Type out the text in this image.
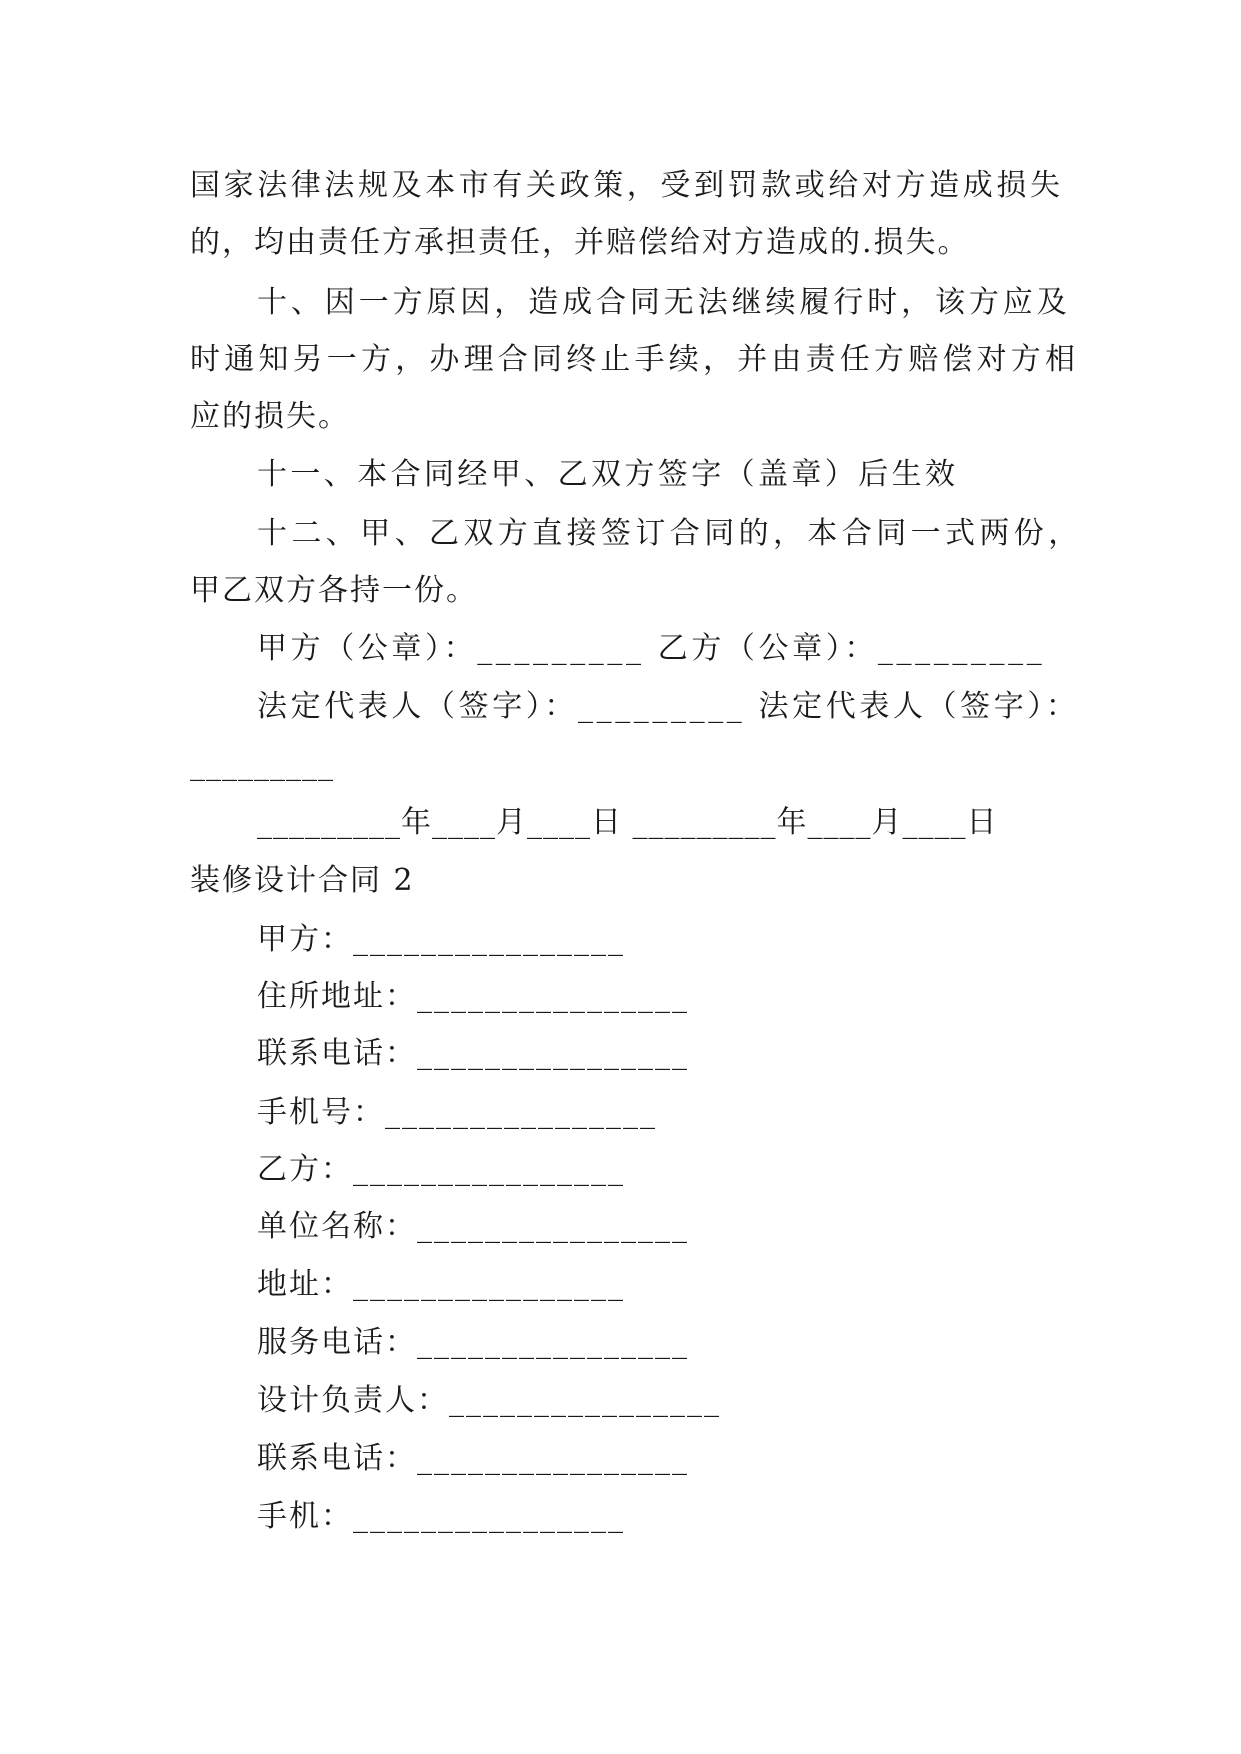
国家法律法规及本市有关政策，受到罚款或给对方造成损失

的，均由责任方承担责任，并赔偿给对方造成的.损失。

十、因一方原因，造成合同无法继续履行时，该方应及

时通知另一方，办理合同终止手续，并由责任方赔偿对方相

应的损失。

十一、本合同经甲、乙双方签字（盖章）后生效

十二、甲、乙双方直接签订合同的，本合同一式两份，

甲乙双方各持一份。

甲方（公章）：_________ 乙方（公章）：_________

法定代表人（签字）：_________ 法定代表人（签字）：

_________

_________年____月____日 _________年____月____日

装修设计合同 2

甲方：________________

住所地址：________________

联系电话：________________

手机号：________________

乙方：________________

单位名称：________________

地址：________________

服务电话：________________

设计负责人：________________

联系电话：________________

手机：________________
